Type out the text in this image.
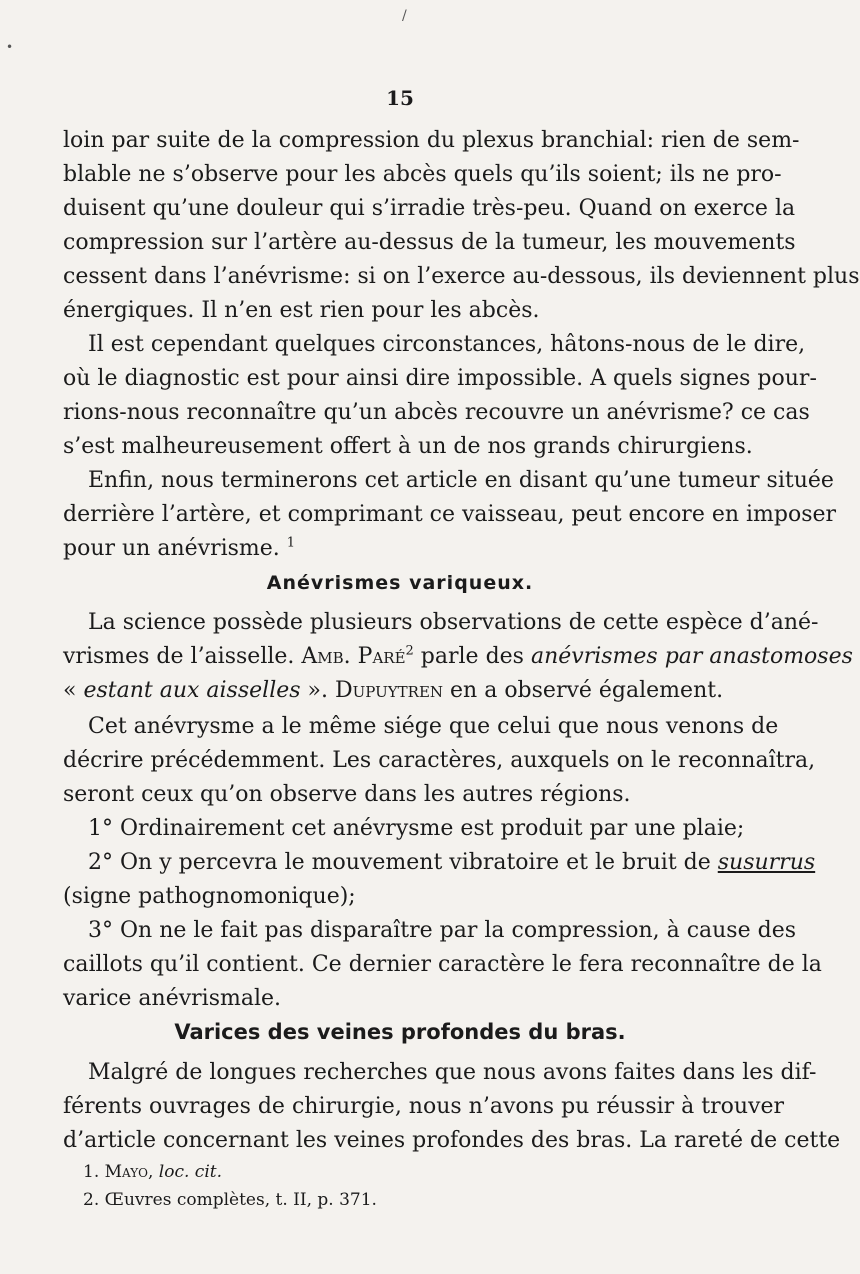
/
•
15
loin par suite de la compression du plexus branchial: rien de sem-
blable ne s’observe pour les abcès quels qu’ils soient; ils ne pro-
duisent qu’une douleur qui s’irradie très-peu. Quand on exerce la
compression sur l’artère au-dessus de la tumeur, les mouvements
cessent dans l’anévrisme: si on l’exerce au-dessous, ils deviennent plus
énergiques. Il n’en est rien pour les abcès.
Il est cependant quelques circonstances, hâtons-nous de le dire,
où le diagnostic est pour ainsi dire impossible. A quels signes pour-
rions-nous reconnaître qu’un abcès recouvre un anévrisme? ce cas
s’est malheureusement offert à un de nos grands chirurgiens.
Enfin, nous terminerons cet article en disant qu’une tumeur située
derrière l’artère, et comprimant ce vaisseau, peut encore en imposer
pour un anévrisme. $^1$
Anévrismes variqueux.
La science possède plusieurs observations de cette espèce d’ané-
vrismes de l’aisselle. Amb. Paré$^2$ parle des anévrismes par anastomoses
« estant aux aisselles ». Dupuytren en a observé également.
Cet anévrysme a le même siége que celui que nous venons de
décrire précédemment. Les caractères, auxquels on le reconnaîtra,
seront ceux qu’on observe dans les autres régions.
1° Ordinairement cet anévrysme est produit par une plaie;
2° On y percevra le mouvement vibratoire et le bruit de susurrus
(signe pathognomonique);
3° On ne le fait pas disparaître par la compression, à cause des
caillots qu’il contient. Ce dernier caractère le fera reconnaître de la
varice anévrismale.
Varices des veines profondes du bras.
Malgré de longues recherches que nous avons faites dans les dif-
férents ouvrages de chirurgie, nous n’avons pu réussir à trouver
d’article concernant les veines profondes des bras. La rareté de cette
1. Mayo, loc. cit.
2. Œuvres complètes, t. II, p. 371.
